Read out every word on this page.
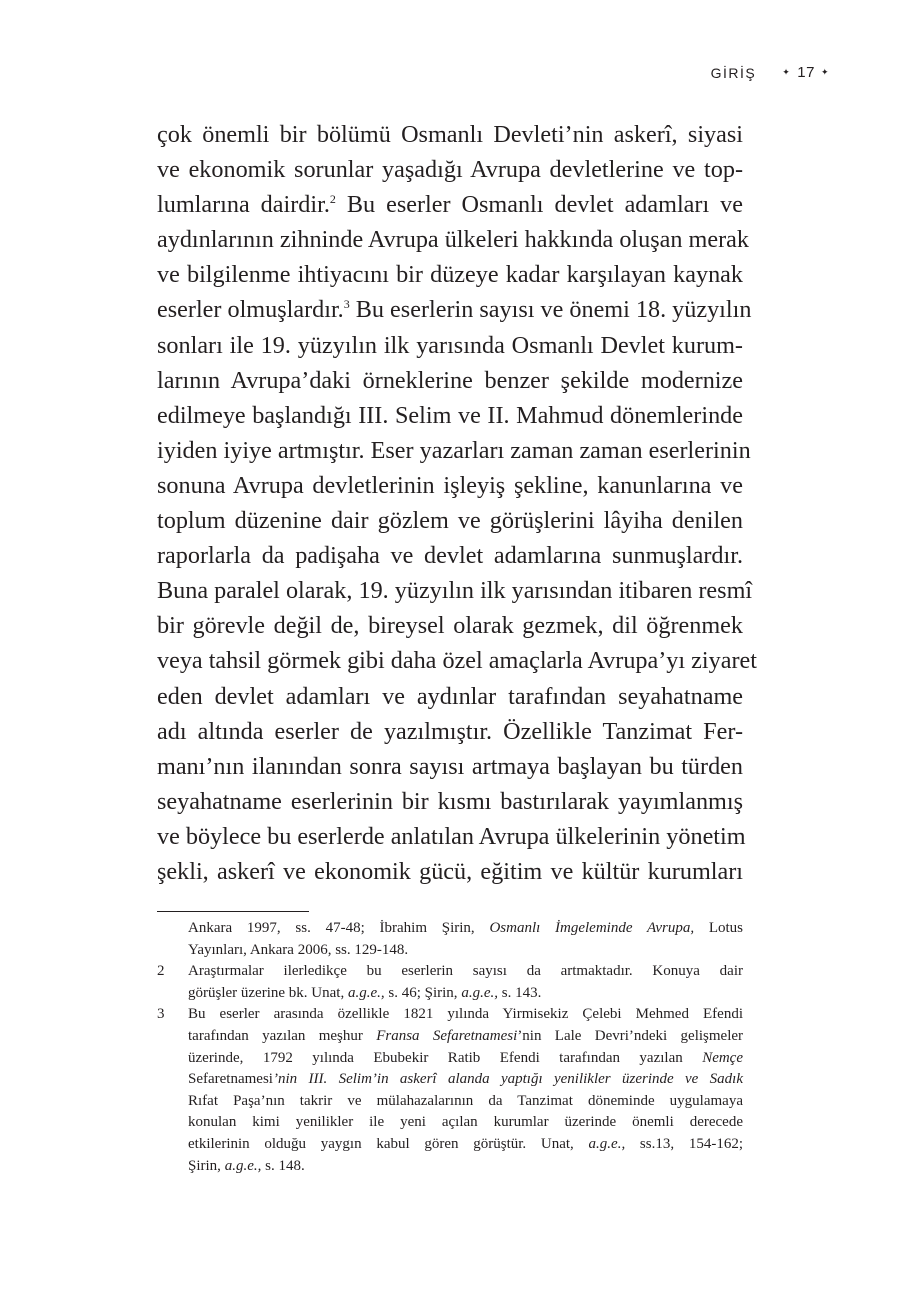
GİRİŞ	✦ 17 ✦
çok önemli bir bölümü Osmanlı Devleti’nin askerî, siyasi
ve ekonomik sorunlar yaşadığı Avrupa devletlerine ve top-
lumlarına dairdir.$^2$ Bu eserler Osmanlı devlet adamları ve
aydınlarının zihninde Avrupa ülkeleri hakkında oluşan merak
ve bilgilenme ihtiyacını bir düzeye kadar karşılayan kaynak
eserler olmuşlardır.$^3$ Bu eserlerin sayısı ve önemi 18. yüzyılın
sonları ile 19. yüzyılın ilk yarısında Osmanlı Devlet kurum-
larının Avrupa’daki örneklerine benzer şekilde modernize
edilmeye başlandığı III. Selim ve II. Mahmud dönemlerinde
iyiden iyiye artmıştır. Eser yazarları zaman zaman eserlerinin
sonuna Avrupa devletlerinin işleyiş şekline, kanunlarına ve
toplum düzenine dair gözlem ve görüşlerini lâyiha denilen
raporlarla da padişaha ve devlet adamlarına sunmuşlardır.
Buna paralel olarak, 19. yüzyılın ilk yarısından itibaren resmî
bir görevle değil de, bireysel olarak gezmek, dil öğrenmek
veya tahsil görmek gibi daha özel amaçlarla Avrupa’yı ziyaret
eden devlet adamları ve aydınlar tarafından seyahatname
adı altında eserler de yazılmıştır. Özellikle Tanzimat Fer-
manı’nın ilanından sonra sayısı artmaya başlayan bu türden
seyahatname eserlerinin bir kısmı bastırılarak yayımlanmış
ve böylece bu eserlerde anlatılan Avrupa ülkelerinin yönetim
şekli, askerî ve ekonomik gücü, eğitim ve kültür kurumları
Ankara 1997, ss. 47-48; İbrahim Şirin, Osmanlı İmgeleminde Avrupa, Lotus
Yayınları, Ankara 2006, ss. 129-148.
2	Araştırmalar ilerledikçe bu eserlerin sayısı da artmaktadır. Konuya dair
görüşler üzerine bk. Unat, a.g.e., s. 46; Şirin, a.g.e., s. 143.
3	Bu eserler arasında özellikle 1821 yılında Yirmisekiz Çelebi Mehmed Efendi
tarafından yazılan meşhur Fransa Sefaretnamesi’nin Lale Devri’ndeki gelişmeler
üzerinde, 1792 yılında Ebubekir Ratib Efendi tarafından yazılan Nemçe
Sefaretnamesi’nin III. Selim’in askerî alanda yaptığı yenilikler üzerinde ve Sadık
Rıfat Paşa’nın takrir ve mülahazalarının da Tanzimat döneminde uygulamaya
konulan kimi yenilikler ile yeni açılan kurumlar üzerinde önemli derecede
etkilerinin olduğu yaygın kabul gören görüştür. Unat, a.g.e., ss.13, 154-162;
Şirin, a.g.e., s. 148.
